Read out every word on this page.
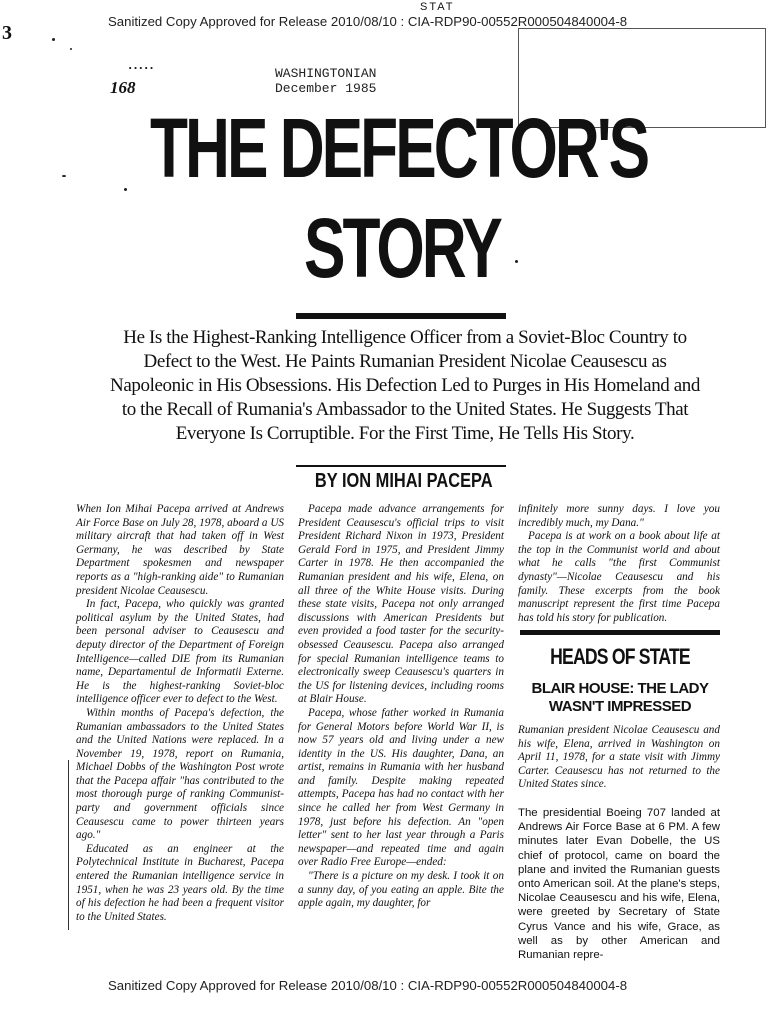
STAT
Sanitized Copy Approved for Release 2010/08/10 : CIA-RDP90-00552R000504840004-8
3
·····
168
WASHINGTONIAN
December 1985
THE DEFECTOR'S
STORY
He Is the Highest-Ranking Intelligence Officer from a Soviet-Bloc Country to Defect to the West. He Paints Rumanian President Nicolae Ceausescu as Napoleonic in His Obsessions. His Defection Led to Purges in His Homeland and to the Recall of Rumania's Ambassador to the United States. He Suggests That Everyone Is Corruptible. For the First Time, He Tells His Story.
BY ION MIHAI PACEPA

When Ion Mihai Pacepa arrived at Andrews Air Force Base on July 28, 1978, aboard a US military aircraft that had taken off in West Germany, he was described by State Department spokesmen and newspaper reports as a "high-ranking aide" to Rumanian president Nicolae Ceausescu.

In fact, Pacepa, who quickly was granted political asylum by the United States, had been personal adviser to Ceausescu and deputy director of the Department of Foreign Intelligence—called DIE from its Rumanian name, Departamentul de Informatii Externe. He is the highest-ranking Soviet-bloc intelligence officer ever to defect to the West.

Within months of Pacepa's defection, the Rumanian ambassadors to the United States and the United Nations were replaced. In a November 19, 1978, report on Rumania, Michael Dobbs of the Washington Post wrote that the Pacepa affair "has contributed to the most thorough purge of ranking Communist-party and government officials since Ceausescu came to power thirteen years ago."

Educated as an engineer at the Polytechnical Institute in Bucharest, Pacepa entered the Rumanian intelligence service in 1951, when he was 23 years old. By the time of his defection he had been a frequent visitor to the United States.

Pacepa made advance arrangements for President Ceausescu's official trips to visit President Richard Nixon in 1973, President Gerald Ford in 1975, and President Jimmy Carter in 1978. He then accompanied the Rumanian president and his wife, Elena, on all three of the White House visits. During these state visits, Pacepa not only arranged discussions with American Presidents but even provided a food taster for the security-obsessed Ceausescu. Pacepa also arranged for special Rumanian intelligence teams to electronically sweep Ceausescu's quarters in the US for listening devices, including rooms at Blair House.

Pacepa, whose father worked in Rumania for General Motors before World War II, is now 57 years old and living under a new identity in the US. His daughter, Dana, an artist, remains in Rumania with her husband and family. Despite making repeated attempts, Pacepa has had no contact with her since he called her from West Germany in 1978, just before his defection. An "open letter" sent to her last year through a Paris newspaper—and repeated time and again over Radio Free Europe—ended:

"There is a picture on my desk. I took it on a sunny day, of you eating an apple. Bite the apple again, my daughter, for

infinitely more sunny days. I love you incredibly much, my Dana."

Pacepa is at work on a book about life at the top in the Communist world and about what he calls "the first Communist dynasty"—Nicolae Ceausescu and his family. These excerpts from the book manuscript represent the first time Pacepa has told his story for publication.

HEADS OF STATE
BLAIR HOUSE: THE LADY WASN'T IMPRESSED
Rumanian president Nicolae Ceausescu and his wife, Elena, arrived in Washington on April 11, 1978, for a state visit with Jimmy Carter. Ceausescu has not returned to the United States since.
The presidential Boeing 707 landed at Andrews Air Force Base at 6 PM. A few minutes later Evan Dobelle, the US chief of protocol, came on board the plane and invited the Rumanian guests onto American soil. At the plane's steps, Nicolae Ceausescu and his wife, Elena, were greeted by Secretary of State Cyrus Vance and his wife, Grace, as well as by other American and Rumanian repre-
Sanitized Copy Approved for Release 2010/08/10 : CIA-RDP90-00552R000504840004-8
